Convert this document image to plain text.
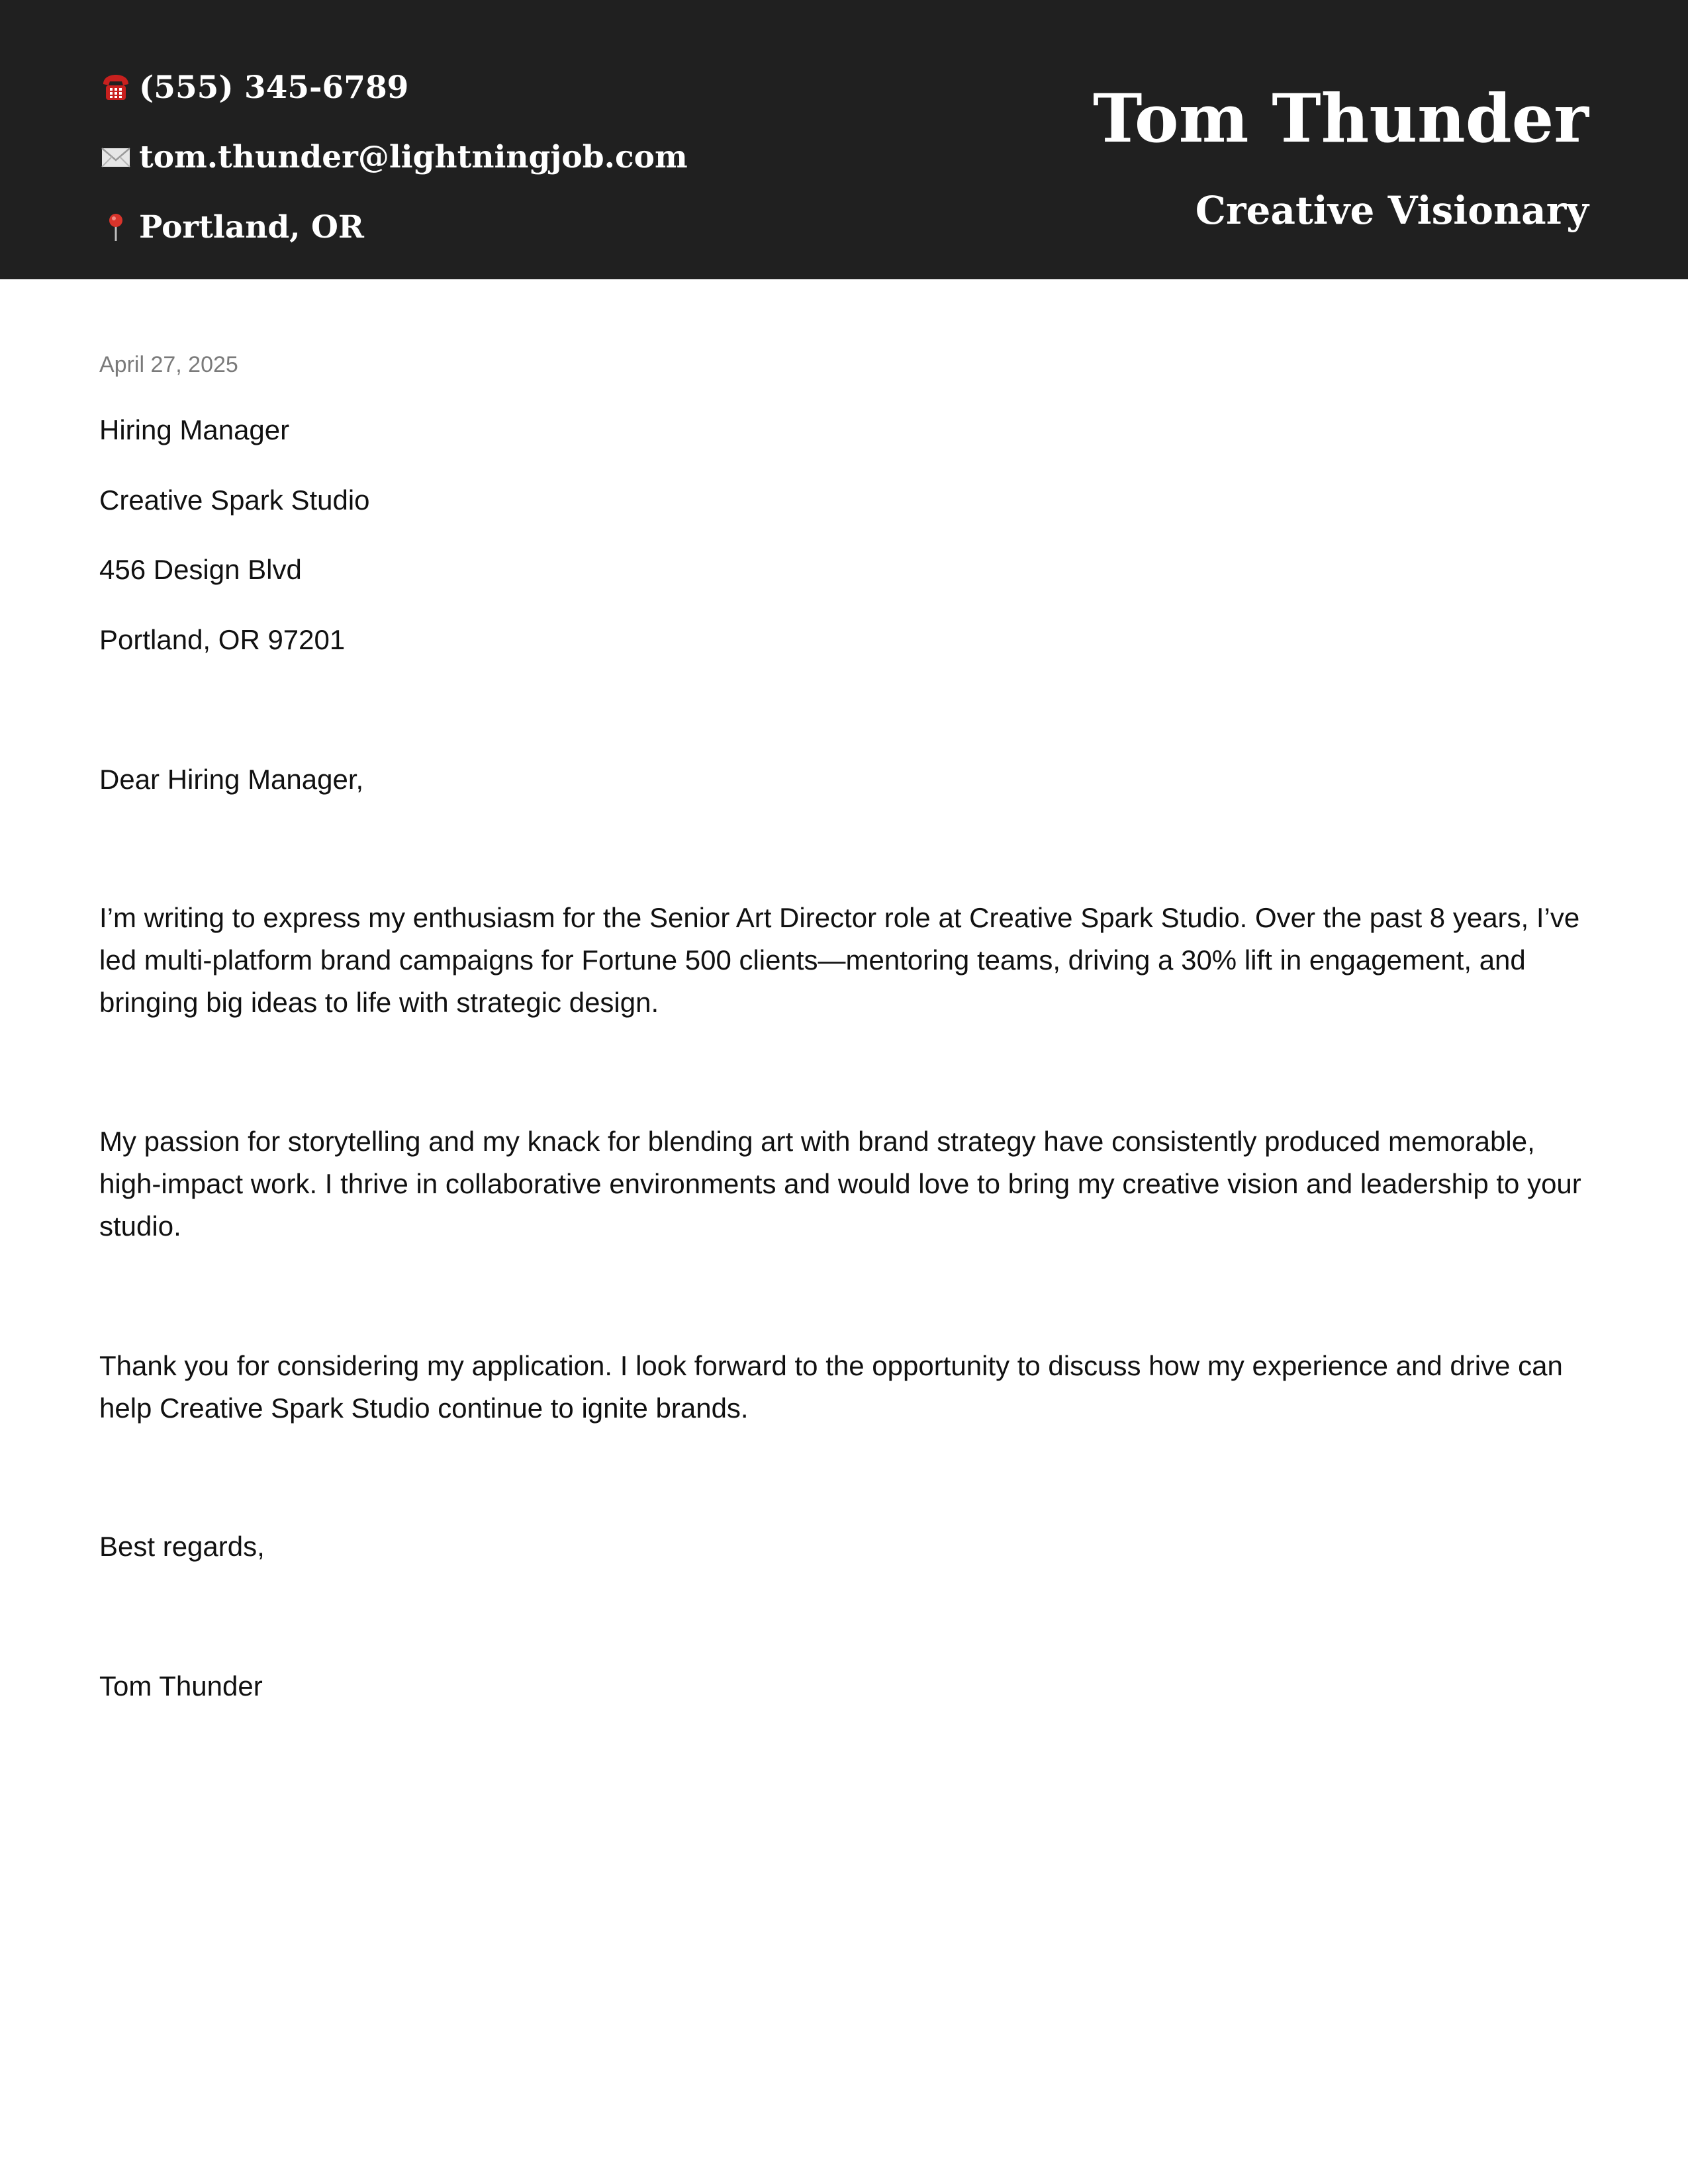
(555) 345-6789
tom.thunder@lightningjob.com
Portland, OR
Tom Thunder
Creative Visionary
April 27, 2025
Hiring Manager
Creative Spark Studio
456 Design Blvd
Portland, OR 97201
Dear Hiring Manager,
I’m writing to express my enthusiasm for the Senior Art Director role at Creative Spark Studio. Over the past 8 years, I’ve led multi-platform brand campaigns for Fortune 500 clients—mentoring teams, driving a 30% lift in engagement, and bringing big ideas to life with strategic design.
My passion for storytelling and my knack for blending art with brand strategy have consistently produced memorable, high-impact work. I thrive in collaborative environments and would love to bring my creative vision and leadership to your studio.
Thank you for considering my application. I look forward to the opportunity to discuss how my experience and drive can help Creative Spark Studio continue to ignite brands.
Best regards,
Tom Thunder
